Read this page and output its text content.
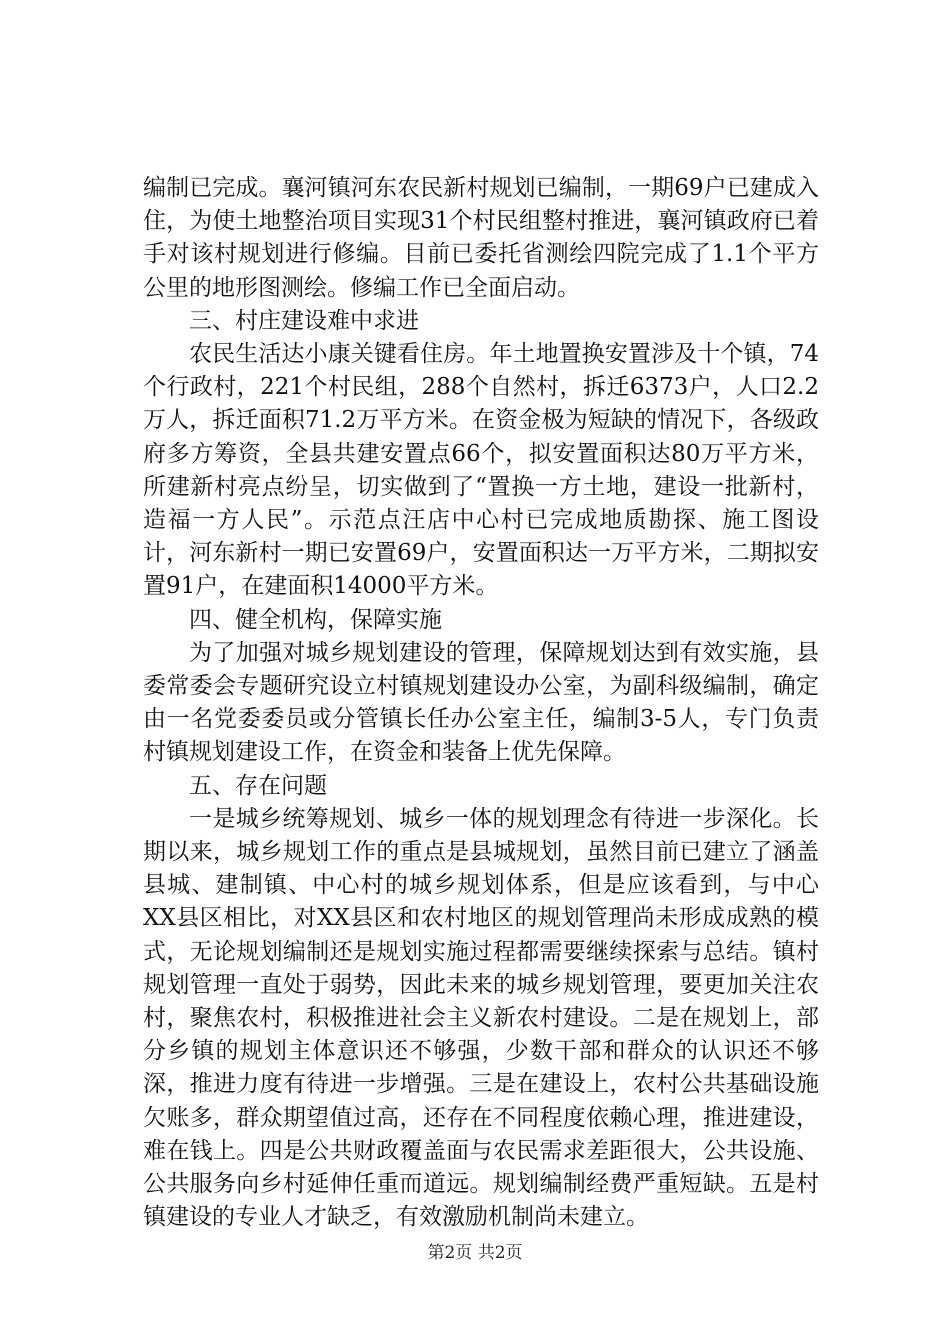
编制已完成。襄河镇河东农民新村规划已编制，一期69户已建成入住，为使土地整治项目实现31个村民组整村推进，襄河镇政府已着手对该村规划进行修编。目前已委托省测绘四院完成了1.1个平方公里的地形图测绘。修编工作已全面启动。

三、村庄建设难中求进

农民生活达小康关键看住房。年土地置换安置涉及十个镇，74个行政村，221个村民组，288个自然村，拆迁6373户，人口2.2万人，拆迁面积71.2万平方米。在资金极为短缺的情况下，各级政府多方筹资，全县共建安置点66个，拟安置面积达80万平方米，所建新村亮点纷呈，切实做到了“置换一方土地，建设一批新村，造福一方人民”。示范点汪店中心村已完成地质勘探、施工图设计，河东新村一期已安置69户，安置面积达一万平方米，二期拟安置91户，在建面积14000平方米。

四、健全机构，保障实施

为了加强对城乡规划建设的管理，保障规划达到有效实施，县委常委会专题研究设立村镇规划建设办公室，为副科级编制，确定由一名党委委员或分管镇长任办公室主任，编制3-5人，专门负责村镇规划建设工作，在资金和装备上优先保障。

五、存在问题

一是城乡统筹规划、城乡一体的规划理念有待进一步深化。长期以来，城乡规划工作的重点是县城规划，虽然目前已建立了涵盖县城、建制镇、中心村的城乡规划体系，但是应该看到，与中心XX县区相比，对XX县区和农村地区的规划管理尚未形成成熟的模式，无论规划编制还是规划实施过程都需要继续探索与总结。镇村规划管理一直处于弱势，因此未来的城乡规划管理，要更加关注农村，聚焦农村，积极推进社会主义新农村建设。二是在规划上，部分乡镇的规划主体意识还不够强，少数干部和群众的认识还不够深，推进力度有待进一步增强。三是在建设上，农村公共基础设施欠账多，群众期望值过高，还存在不同程度依赖心理，推进建设，难在钱上。四是公共财政覆盖面与农民需求差距很大，公共设施、公共服务向乡村延伸任重而道远。规划编制经费严重短缺。五是村镇建设的专业人才缺乏，有效激励机制尚未建立。

第2页 共2页
